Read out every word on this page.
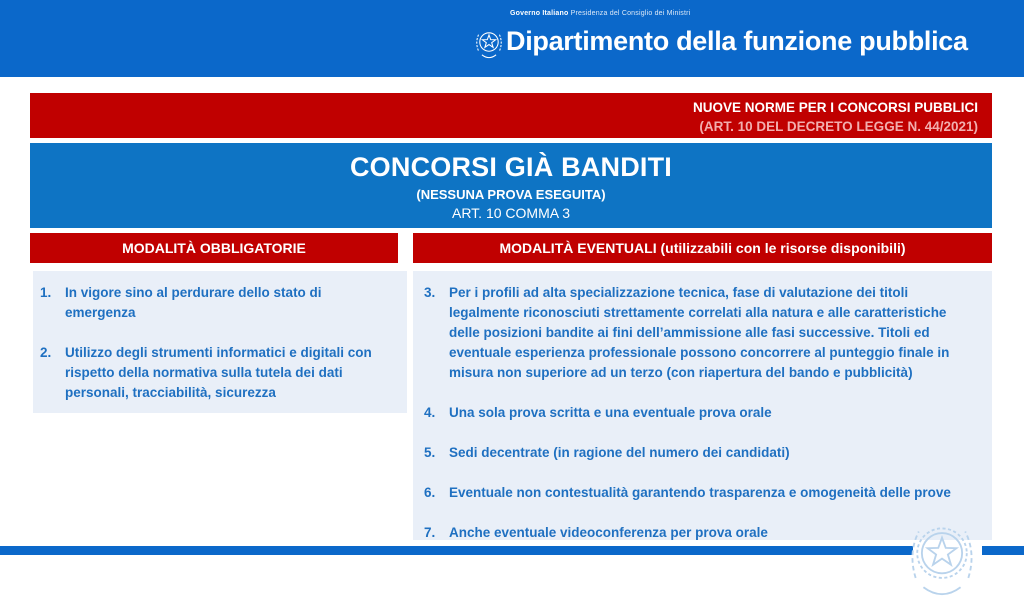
Governo Italiano Presidenza del Consiglio dei Ministri
Dipartimento della funzione pubblica
NUOVE NORME PER I CONCORSI PUBBLICI
(ART. 10 DEL DECRETO LEGGE N. 44/2021)
CONCORSI GIÀ BANDITI
(NESSUNA PROVA ESEGUITA)
ART. 10 COMMA 3
MODALITÀ OBBLIGATORIE	MODALITÀ EVENTUALI (utilizzabili con le risorse disponibili)
1.	In vigore sino al perdurare dello stato di emergenza
2.	Utilizzo degli strumenti informatici e digitali con rispetto della normativa sulla tutela dei dati personali, tracciabilità, sicurezza
3.	Per i profili ad alta specializzazione tecnica, fase di valutazione dei titoli legalmente riconosciuti strettamente correlati alla natura e alle caratteristiche delle posizioni bandite ai fini dell’ammissione alle fasi successive. Titoli ed eventuale esperienza professionale possono concorrere al punteggio finale in misura non superiore ad un terzo (con riapertura del bando e pubblicità)
4.	Una sola prova scritta e una eventuale prova orale
5.	Sedi decentrate (in ragione del numero dei candidati)
6.	Eventuale non contestualità garantendo trasparenza e omogeneità delle prove
7.	Anche eventuale videoconferenza per prova orale
